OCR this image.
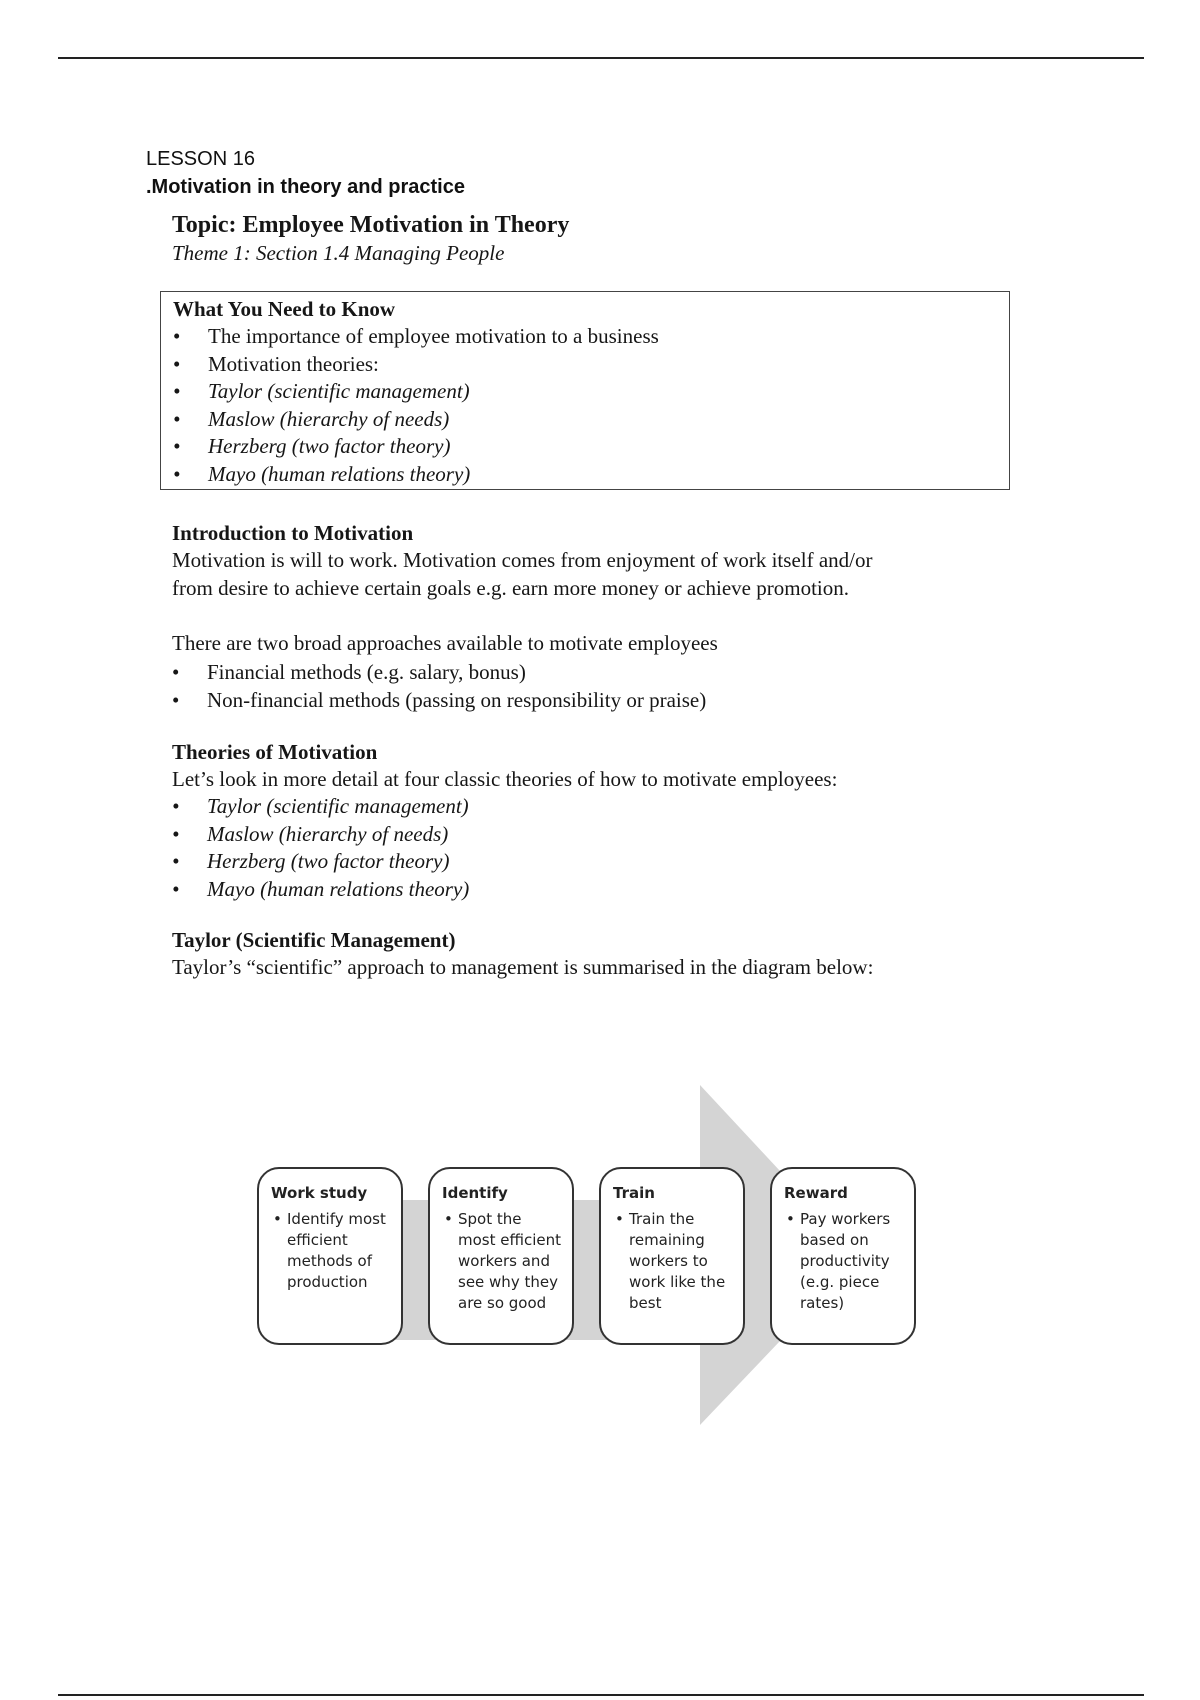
LESSON 16
.Motivation in theory and practice

Topic: Employee Motivation in Theory

Theme 1: Section 1.4 Managing People

What You Need to Know

• The importance of employee motivation to a business
• Motivation theories:
• Taylor (scientific management)
• Maslow (hierarchy of needs)
• Herzberg (two factor theory)
• Mayo (human relations theory)

Introduction to Motivation

Motivation is will to work. Motivation comes from enjoyment of work itself and/or

from desire to achieve certain goals e.g. earn more money or achieve promotion.

There are two broad approaches available to motivate employees

• Financial methods (e.g. salary, bonus)
• Non-financial methods (passing on responsibility or praise)

Theories of Motivation

Let’s look in more detail at four classic theories of how to motivate employees:

• Taylor (scientific management)
• Maslow (hierarchy of needs)
• Herzberg (two factor theory)
• Mayo (human relations theory)

Taylor (Scientific Management)

Taylor’s “scientific” approach to management is summarised in the diagram below:

Work study

• Identify most efficient methods of production

Identify

• Spot the most efficient workers and see why they are so good

Train

• Train the remaining workers to work like the best

Reward

• Pay workers based on productivity (e.g. piece rates)
